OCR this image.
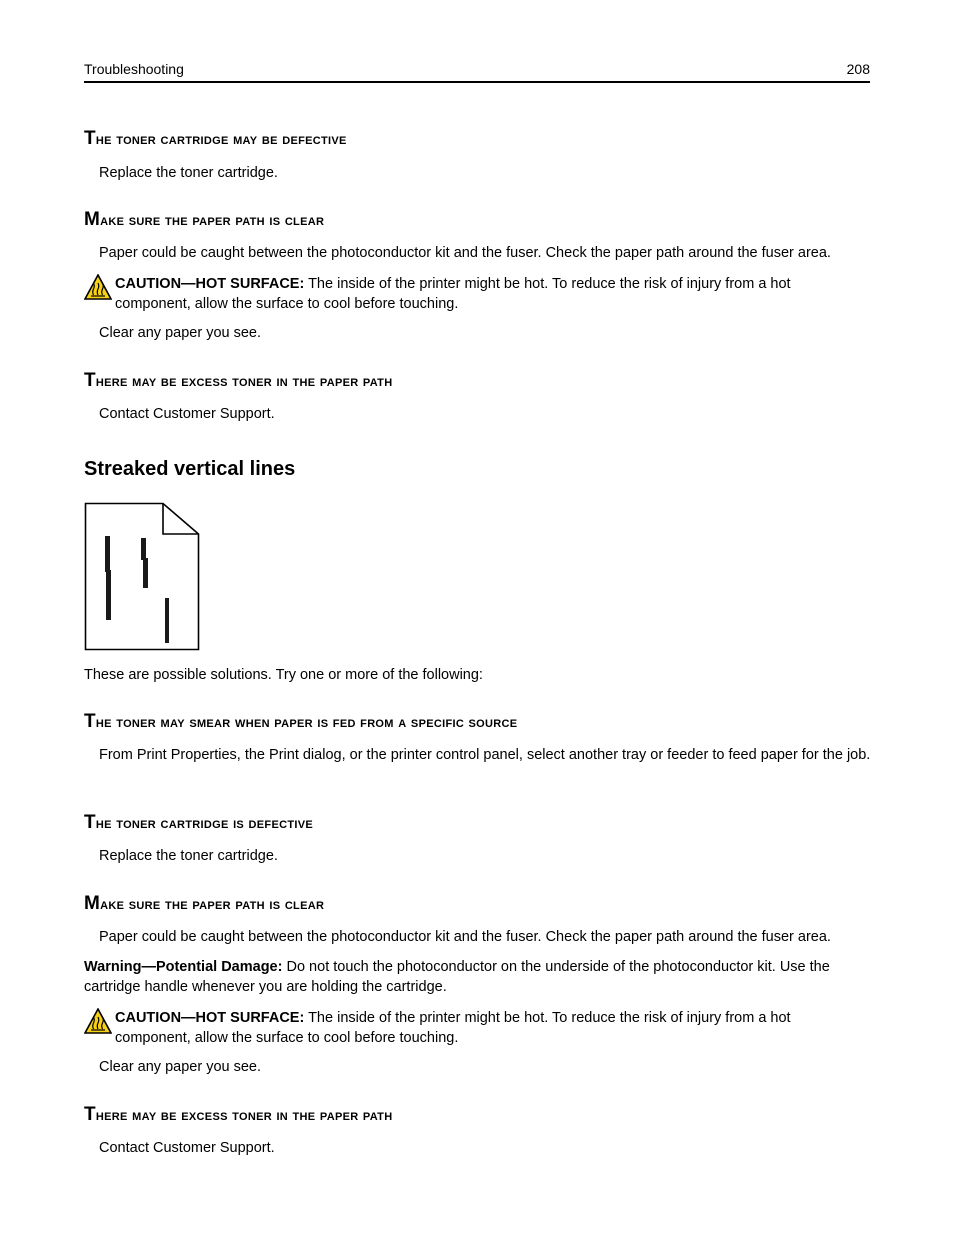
Troubleshooting	208
The toner cartridge may be defective
Replace the toner cartridge.
Make sure the paper path is clear
Paper could be caught between the photoconductor kit and the fuser. Check the paper path around the fuser area.
CAUTION—HOT SURFACE: The inside of the printer might be hot. To reduce the risk of injury from a hot component, allow the surface to cool before touching.
Clear any paper you see.
There may be excess toner in the paper path
Contact Customer Support.
Streaked vertical lines
These are possible solutions. Try one or more of the following:
The toner may smear when paper is fed from a specific source
From Print Properties, the Print dialog, or the printer control panel, select another tray or feeder to feed paper for the job.
The toner cartridge is defective
Replace the toner cartridge.
Make sure the paper path is clear
Paper could be caught between the photoconductor kit and the fuser. Check the paper path around the fuser area.
Warning—Potential Damage: Do not touch the photoconductor on the underside of the photoconductor kit. Use the cartridge handle whenever you are holding the cartridge.
CAUTION—HOT SURFACE: The inside of the printer might be hot. To reduce the risk of injury from a hot component, allow the surface to cool before touching.
Clear any paper you see.
There may be excess toner in the paper path
Contact Customer Support.
